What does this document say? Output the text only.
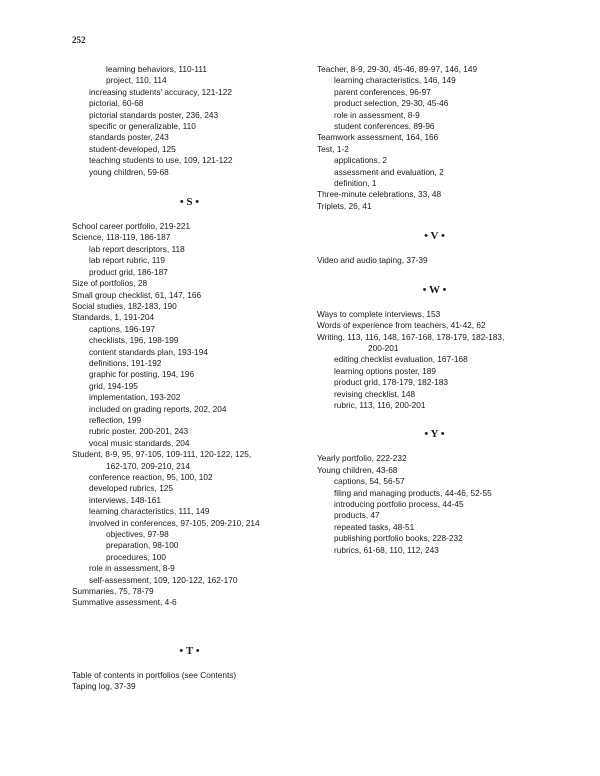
252
learning behaviors, 110-111
project, 110, 114
increasing students' accuracy, 121-122
pictorial, 60-68
pictorial standards poster, 236, 243
specific or generalizable, 110
standards poster, 243
student-developed, 125
teaching students to use, 109, 121-122
young children, 59-68
• S •
School career portfolio, 219-221
Science, 118-119, 186-187
lab report descriptors, 118
lab report rubric, 119
product grid, 186-187
Size of portfolios, 28
Small group checklist, 61, 147, 166
Social studies, 182-183, 190
Standards, 1, 191-204
captions, 196-197
checklists, 196, 198-199
content standards plan, 193-194
definitions, 191-192
graphic for posting, 194, 196
grid, 194-195
implementation, 193-202
included on grading reports, 202, 204
reflection, 199
rubric poster, 200-201, 243
vocal music standards, 204
Student, 8-9, 95, 97-105, 109-111, 120-122, 125,
162-170, 209-210, 214
conference reaction, 95, 100, 102
developed rubrics, 125
interviews, 148-161
learning characteristics, 111, 149
involved in conferences, 97-105, 209-210, 214
objectives, 97-98
preparation, 98-100
procedures, 100
role in assessment, 8-9
self-assessment, 109, 120-122, 162-170
Summaries, 75, 78-79
Summative assessment, 4-6
• T •
Table of contents in portfolios (see Contents)
Taping log, 37-39
Teacher, 8-9, 29-30, 45-46, 89-97, 146, 149
learning characteristics, 146, 149
parent conferences, 96-97
product selection, 29-30, 45-46
role in assessment, 8-9
student conferences, 89-96
Teamwork assessment, 164, 166
Test, 1-2
applications, 2
assessment and evaluation, 2
definition, 1
Three-minute celebrations, 33, 48
Triplets, 26, 41
• V •
Video and audio taping, 37-39
• W •
Ways to complete interviews, 153
Words of experience from teachers, 41-42, 62
Writing, 113, 116, 148, 167-168, 178-179, 182-183,
200-201
editing checklist evaluation, 167-168
learning options poster, 189
product grid, 178-179, 182-183
revising checklist, 148
rubric, 113, 116, 200-201
• Y •
Yearly portfolio, 222-232
Young children, 43-68
captions, 54, 56-57
filing and managing products, 44-46, 52-55
introducing portfolio process, 44-45
products, 47
repeated tasks, 48-51
publishing portfolio books, 228-232
rubrics, 61-68, 110, 112, 243
